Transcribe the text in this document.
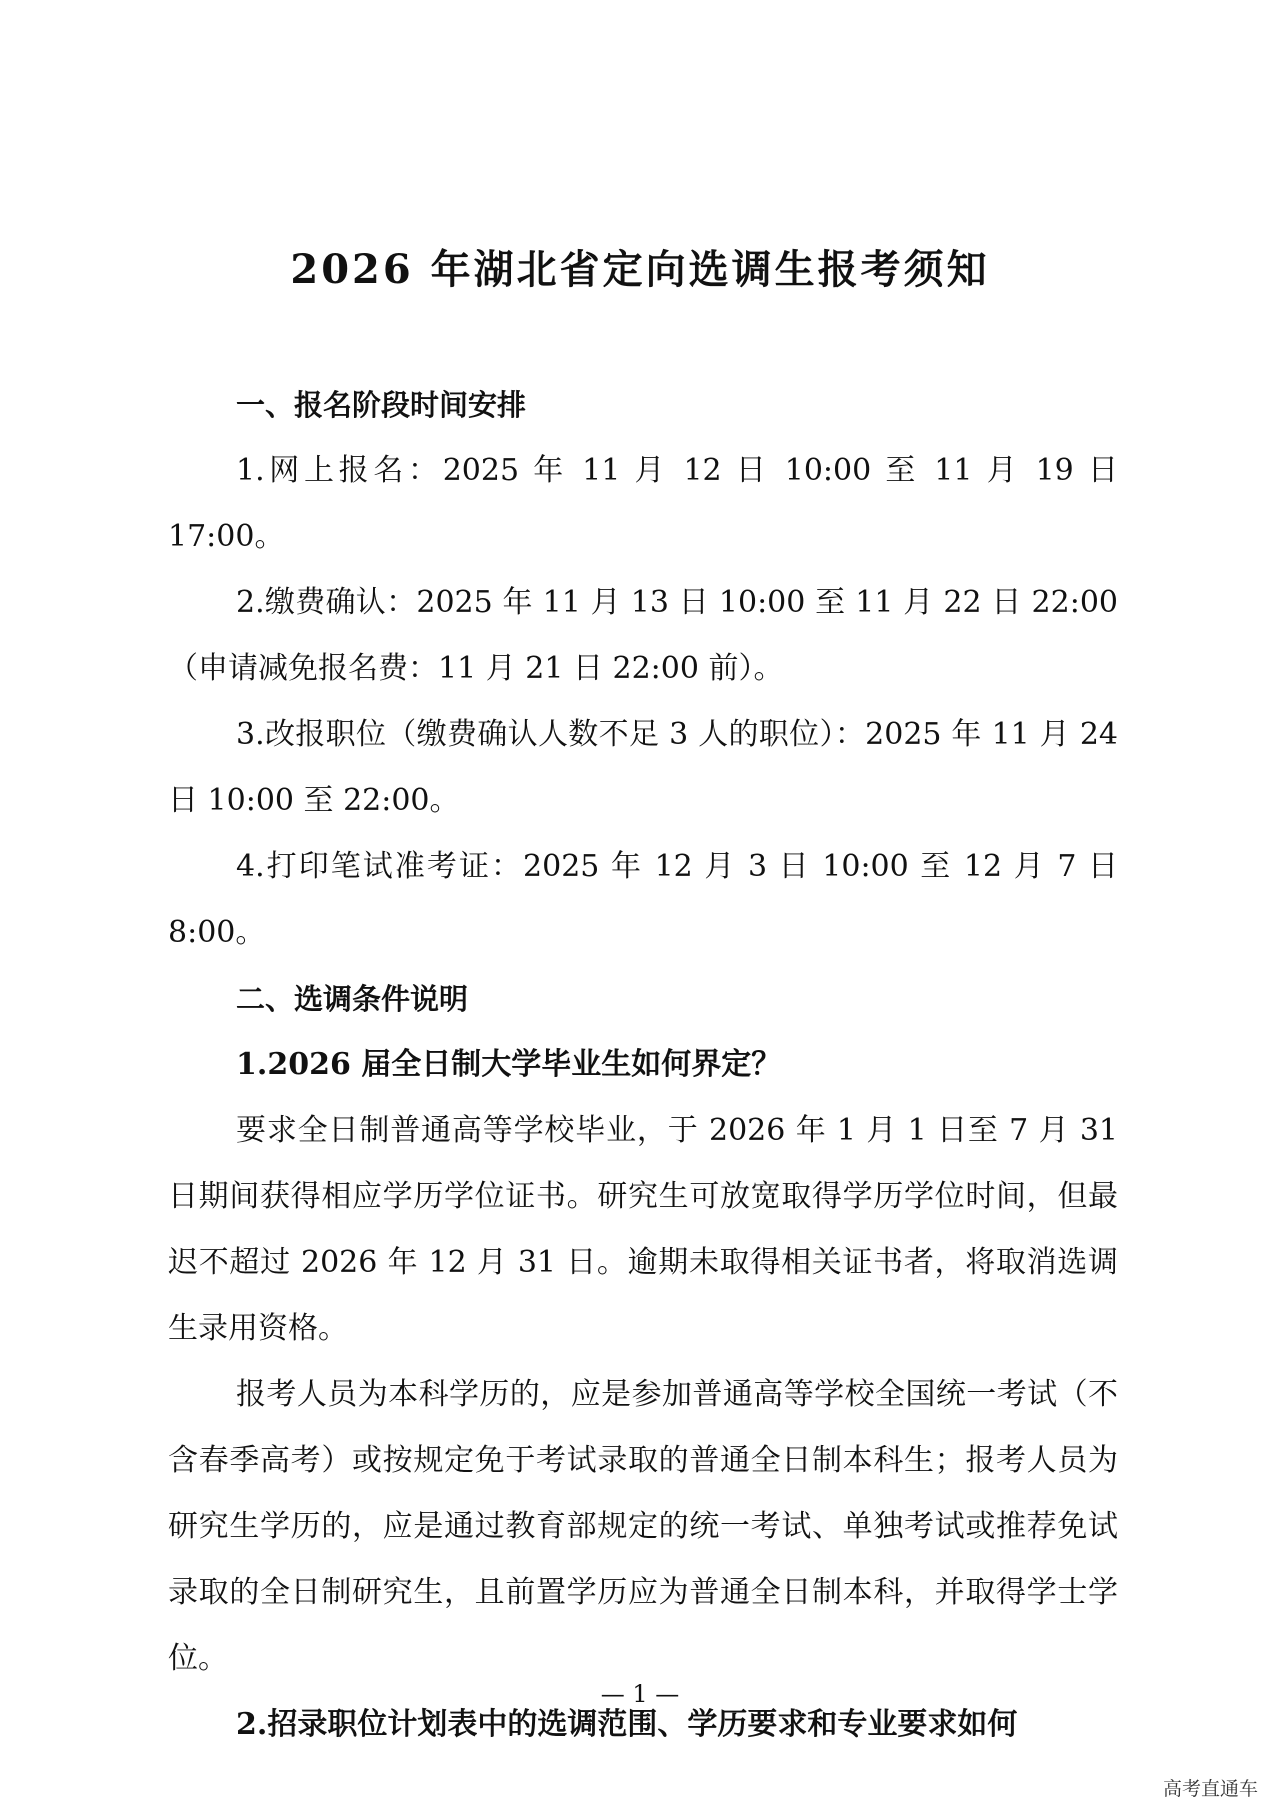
2026 年湖北省定向选调生报考须知

一、报名阶段时间安排

1.网上报名：2025 年 11 月 12 日 10:00 至 11 月 19 日 17:00。

2.缴费确认：2025 年 11 月 13 日 10:00 至 11 月 22 日 22:00（申请减免报名费：11 月 21 日 22:00 前）。

3.改报职位（缴费确认人数不足 3 人的职位）：2025 年 11 月 24 日 10:00 至 22:00。

4.打印笔试准考证：2025 年 12 月 3 日 10:00 至 12 月 7 日 8:00。

二、选调条件说明

1.2026 届全日制大学毕业生如何界定？

要求全日制普通高等学校毕业，于 2026 年 1 月 1 日至 7 月 31 日期间获得相应学历学位证书。研究生可放宽取得学历学位时间，但最迟不超过 2026 年 12 月 31 日。逾期未取得相关证书者，将取消选调生录用资格。

报考人员为本科学历的，应是参加普通高等学校全国统一考试（不含春季高考）或按规定免于考试录取的普通全日制本科生；报考人员为研究生学历的，应是通过教育部规定的统一考试、单独考试或推荐免试录取的全日制研究生，且前置学历应为普通全日制本科，并取得学士学位。

2.招录职位计划表中的选调范围、学历要求和专业要求如何

— 1 —
高考直通车
